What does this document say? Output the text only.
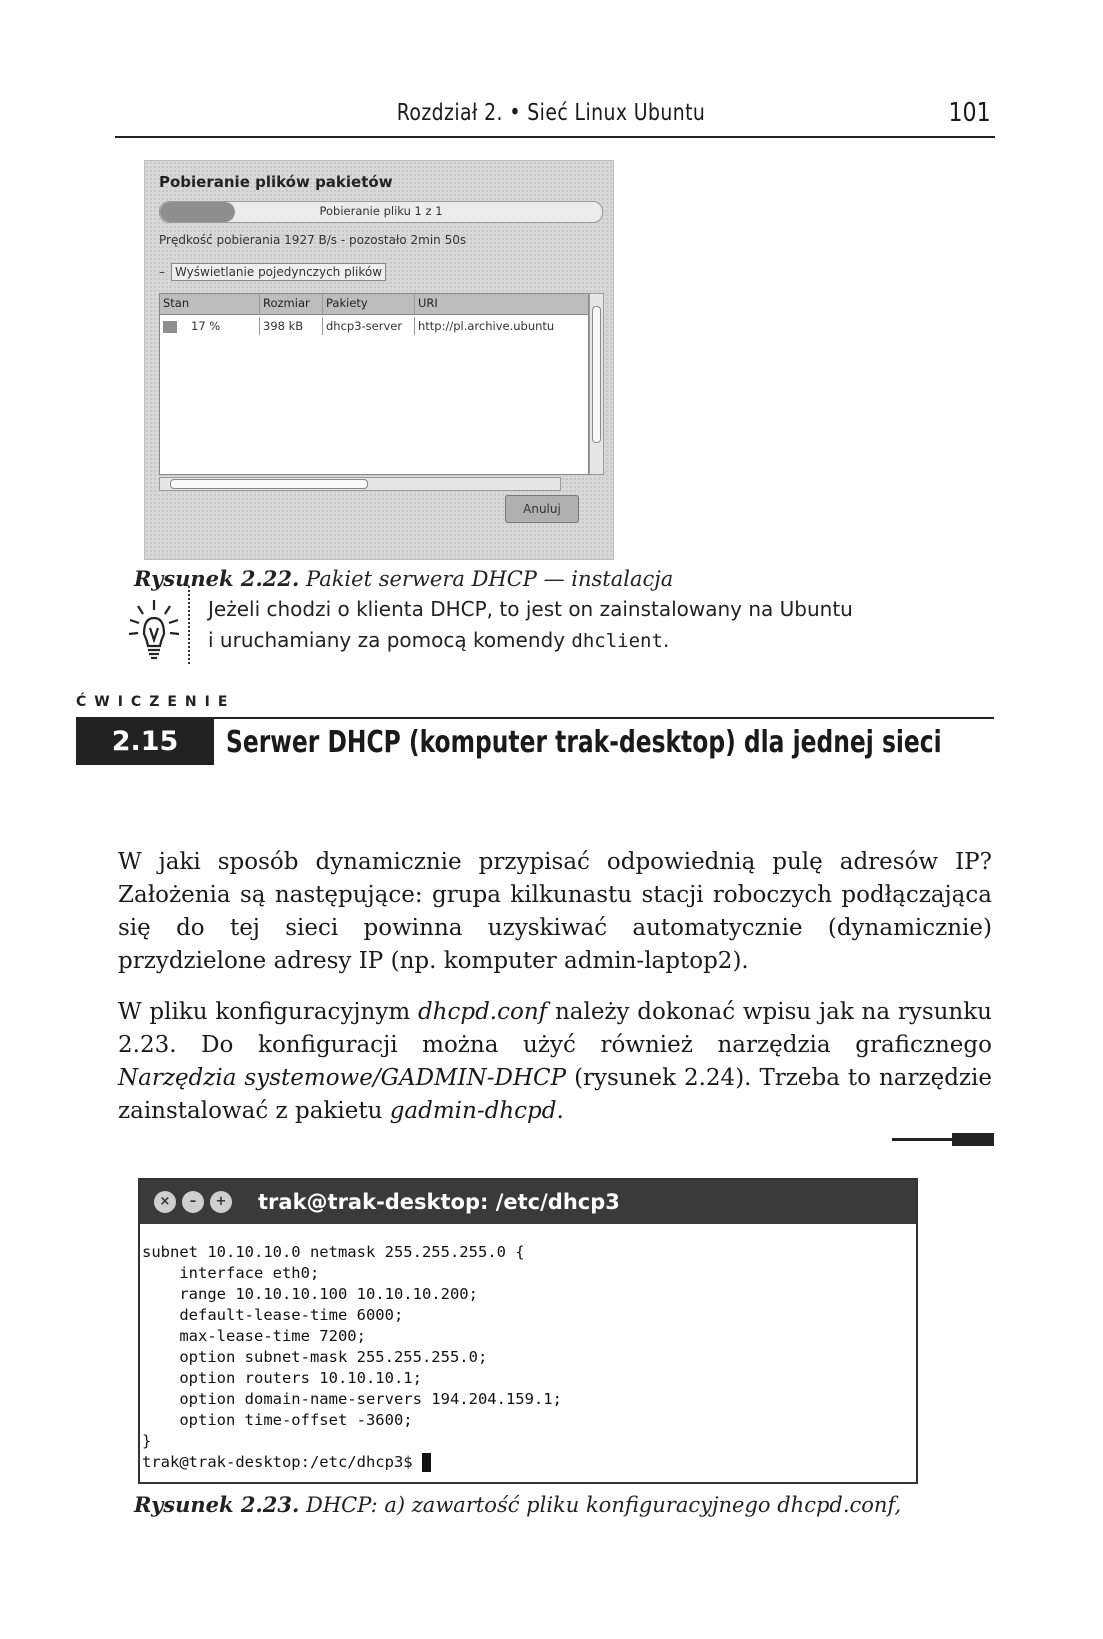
Rozdział 2. • Sieć Linux Ubuntu	101
Pobieranie plików pakietów
Pobieranie pliku 1 z 1
Prędkość pobierania 1927 B/s - pozostało 2min 50s
– Wyświetlanie pojedynczych plików
Stan	Rozmiar	Pakiety	URI
17 %	398 kB	dhcp3-server	http://pl.archive.ubuntu
Anuluj
Rysunek 2.22. Pakiet serwera DHCP — instalacja
Jeżeli chodzi o klienta DHCP, to jest on zainstalowany na Ubuntu
i uruchamiany za pomocą komendy dhclient.
ĆWICZENIE
2.15	Serwer DHCP (komputer trak-desktop) dla jednej sieci
W jaki sposób dynamicznie przypisać odpowiednią pulę adresów IP? Założenia są następujące: grupa kilkunastu stacji roboczych podłączająca się do tej sieci powinna uzyskiwać automatycznie (dynamicznie) przydzielone adresy IP (np. komputer admin-laptop2).
W pliku konfiguracyjnym dhcpd.conf należy dokonać wpisu jak na rysunku 2.23. Do konfiguracji można użyć również narzędzia graficznego Narzędzia systemowe/GADMIN-DHCP (rysunek 2.24). Trzeba to narzędzie zainstalować z pakietu gadmin-dhcpd.
×	–	+ trak@trak-desktop: /etc/dhcp3
subnet 10.10.10.0 netmask 255.255.255.0 {
interface eth0;
range 10.10.10.100 10.10.10.200;
default-lease-time 6000;
max-lease-time 7200;
option subnet-mask 255.255.255.0;
option routers 10.10.10.1;
option domain-name-servers 194.204.159.1;
option time-offset -3600;
}
trak@trak-desktop:/etc/dhcp3$
Rysunek 2.23. DHCP: a) zawartość pliku konfiguracyjnego dhcpd.conf,
